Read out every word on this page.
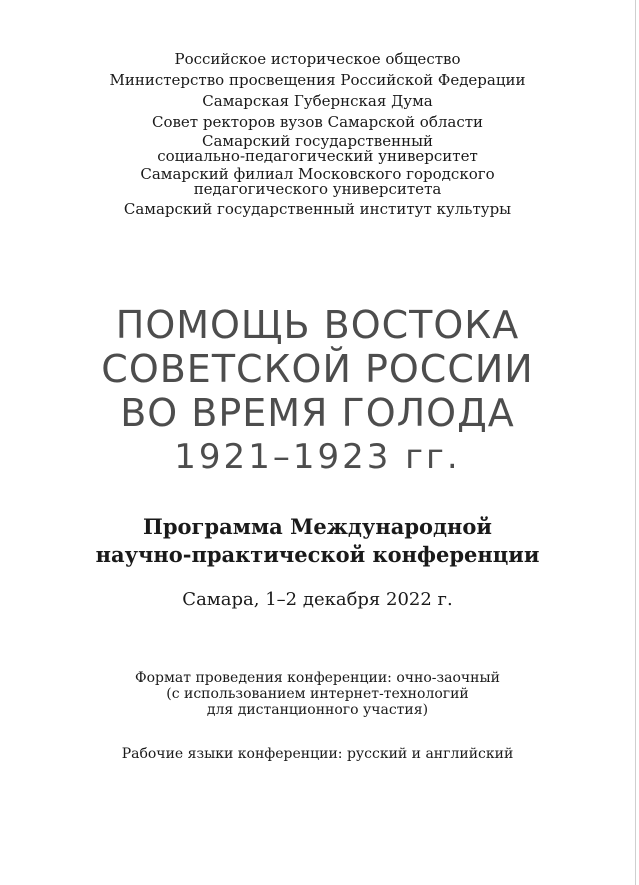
Российское историческое общество
Министерство просвещения Российской Федерации
Самарская Губернская Дума
Совет ректоров вузов Самарской области
Самарский государственный
социально-педагогический университет
Самарский филиал Московского городского
педагогического университета
Самарский государственный институт культуры
ПОМОЩЬ ВОСТОКА
СОВЕТСКОЙ РОССИИ
ВО ВРЕМЯ ГОЛОДА
1921–1923 гг.
Программа Международной
научно-практической конференции
Самара, 1–2 декабря 2022 г.
Формат проведения конференции: очно-заочный
(с использованием интернет-технологий
для дистанционного участия)
Рабочие языки конференции: русский и английский
